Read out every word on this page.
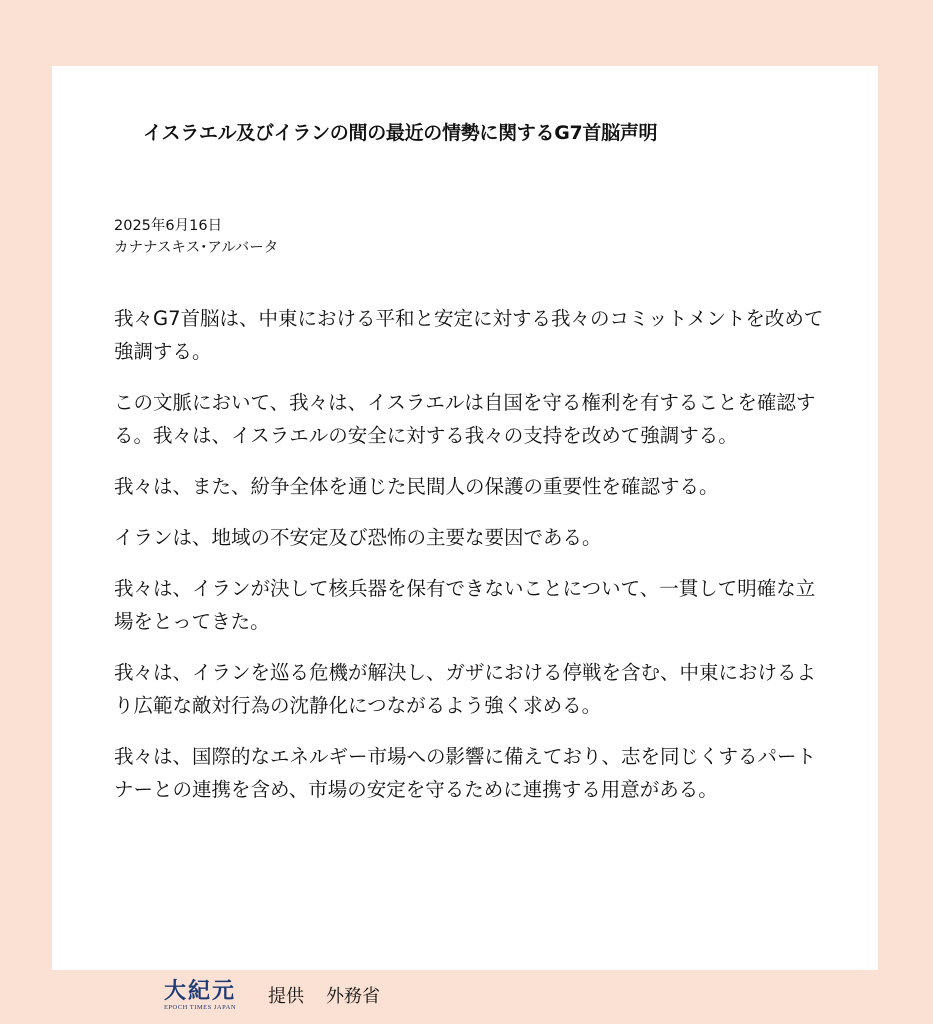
イスラエル及びイランの間の最近の情勢に関するG7首脳声明
2025年6月16日
カナナスキス･アルバータ

我々G7首脳は、中東における平和と安定に対する我々のコミットメントを改めて強調する。

この文脈において、我々は、イスラエルは自国を守る権利を有することを確認する。我々は、イスラエルの安全に対する我々の支持を改めて強調する。

我々は、また、紛争全体を通じた民間人の保護の重要性を確認する。

イランは、地域の不安定及び恐怖の主要な要因である。

我々は、イランが決して核兵器を保有できないことについて、一貫して明確な立場をとってきた。

我々は、イランを巡る危機が解決し、ガザにおける停戦を含む、中東におけるより広範な敵対行為の沈静化につながるよう強く求める。

我々は、国際的なエネルギー市場への影響に備えており、志を同じくするパートナーとの連携を含め、市場の安定を守るために連携する用意がある。

大紀元
EPOCH TIMES JAPAN 提供 外務省
